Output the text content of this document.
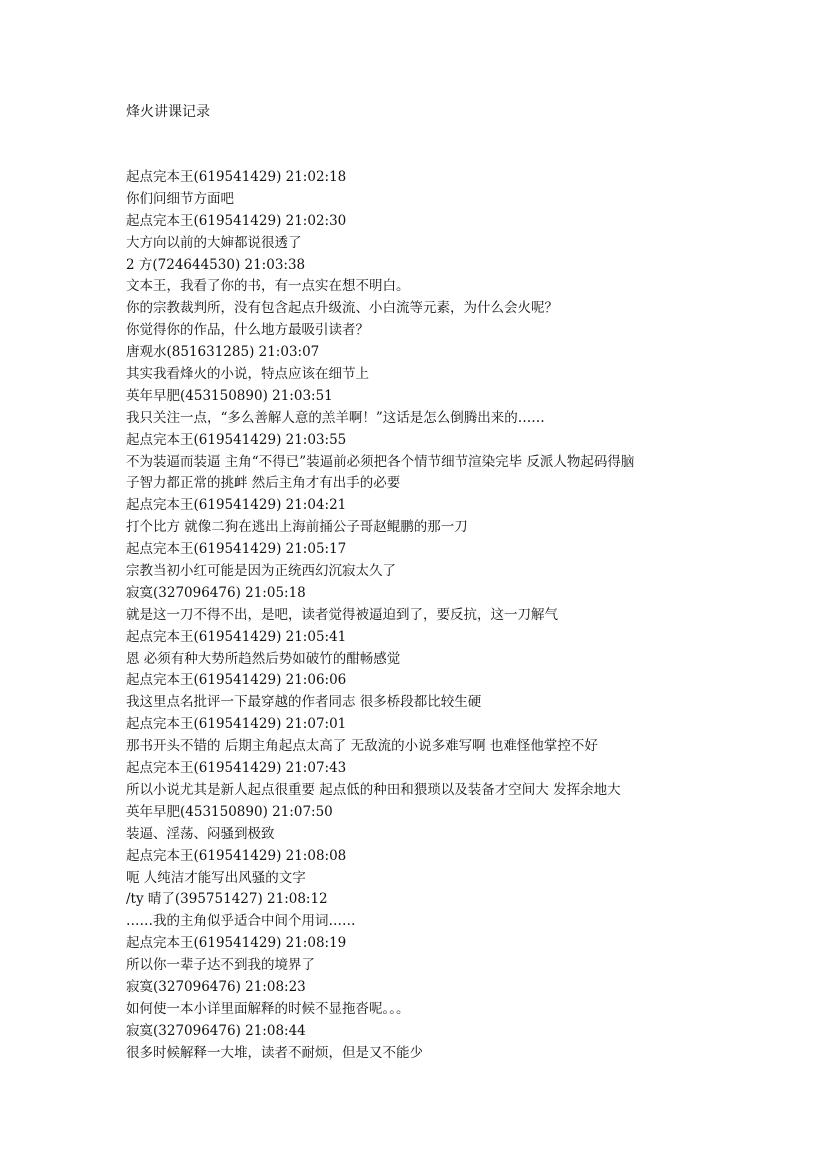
烽火讲课记录
起点完本王(619541429) 21:02:18
你们问细节方面吧
起点完本王(619541429) 21:02:30
大方向以前的大婶都说很透了
2 方(724644530) 21:03:38
文本王，我看了你的书，有一点实在想不明白。
你的宗教裁判所，没有包含起点升级流、小白流等元素，为什么会火呢？
你觉得你的作品，什么地方最吸引读者？
唐观水(851631285) 21:03:07
其实我看烽火的小说，特点应该在细节上
英年早肥(453150890) 21:03:51
我只关注一点，“多么善解人意的羔羊啊！”这话是怎么倒腾出来的……
起点完本王(619541429) 21:03:55
不为装逼而装逼 主角“不得已”装逼前必须把各个情节细节渲染完毕 反派人物起码得脑
子智力都正常的挑衅 然后主角才有出手的必要
起点完本王(619541429) 21:04:21
打个比方 就像二狗在逃出上海前捅公子哥赵鲲鹏的那一刀
起点完本王(619541429) 21:05:17
宗教当初小红可能是因为正统西幻沉寂太久了
寂寞(327096476) 21:05:18
就是这一刀不得不出，是吧，读者觉得被逼迫到了，要反抗，这一刀解气
起点完本王(619541429) 21:05:41
恩 必须有种大势所趋然后势如破竹的酣畅感觉
起点完本王(619541429) 21:06:06
我这里点名批评一下最穿越的作者同志 很多桥段都比较生硬
起点完本王(619541429) 21:07:01
那书开头不错的 后期主角起点太高了 无敌流的小说多难写啊 也难怪他掌控不好
起点完本王(619541429) 21:07:43
所以小说尤其是新人起点很重要 起点低的种田和猥琐以及装备才空间大 发挥余地大
英年早肥(453150890) 21:07:50
装逼、淫荡、闷骚到极致
起点完本王(619541429) 21:08:08
呃 人纯洁才能写出风骚的文字
/ty 晴了(395751427) 21:08:12
……我的主角似乎适合中间个用词……
起点完本王(619541429) 21:08:19
所以你一辈子达不到我的境界了
寂寞(327096476) 21:08:23
如何使一本小详里面解释的时候不显拖沓呢。。。
寂寞(327096476) 21:08:44
很多时候解释一大堆，读者不耐烦，但是又不能少
